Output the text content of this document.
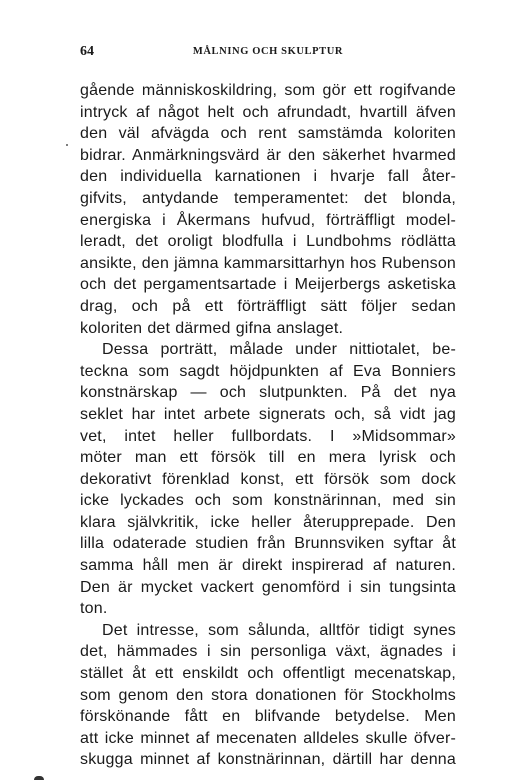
64	MÅLNING OCH SKULPTUR
gående människoskildring, som gör ett rogifvande
intryck af något helt och afrundadt, hvartill äfven
den väl afvägda och rent samstämda koloriten
bidrar. Anmärkningsvärd är den säkerhet hvarmed
den individuella karnationen i hvarje fall åter-
gifvits, antydande temperamentet: det blonda,
energiska i Åkermans hufvud, förträffligt model-
leradt, det oroligt blodfulla i Lundbohms rödlätta
ansikte, den jämna kammarsittarhyn hos Rubenson
och det pergamentsartade i Meijerbergs asketiska
drag, och på ett förträffligt sätt följer sedan
koloriten det därmed gifna anslaget.
Dessa porträtt, målade under nittiotalet, be-
teckna som sagdt höjdpunkten af Eva Bonniers
konstnärskap — och slutpunkten. På det nya
seklet har intet arbete signerats och, så vidt jag
vet, intet heller fullbordats. I »Midsommar»
möter man ett försök till en mera lyrisk och
dekorativt förenklad konst, ett försök som dock
icke lyckades och som konstnärinnan, med sin
klara självkritik, icke heller återupprepade. Den
lilla odaterade studien från Brunnsviken syftar åt
samma håll men är direkt inspirerad af naturen.
Den är mycket vackert genomförd i sin tungsinta
ton.
Det intresse, som sålunda, alltför tidigt synes
det, hämmades i sin personliga växt, ägnades i
stället åt ett enskildt och offentligt mecenatskap,
som genom den stora donationen för Stockholms
förskönande fått en blifvande betydelse. Men
att icke minnet af mecenaten alldeles skulle öfver-
skugga minnet af konstnärinnan, därtill har denna
